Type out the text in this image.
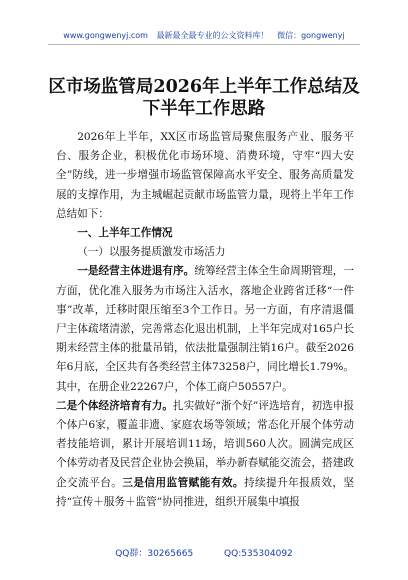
www.gongwenyj.com 最新最全最专业的公文资料库！ 微信：gongwenyj
区市场监管局2026年上半年工作总结及下半年工作思路

2026年上半年，XX区市场监管局聚焦服务产业、服务平台、服务企业，积极优化市场环境、消费环境，守牢“四大安全”防线，进一步增强市场监管保障高水平安全、服务高质量发展的支撑作用，为主城崛起贡献市场监管力量，现将上半年工作总结如下：

一、上半年工作情况

（一）以服务提质激发市场活力

一是经营主体进退有序。统筹经营主体全生命周期管理，一方面，优化准入服务为市场注入活水，落地企业跨省迁移“一件事”改革，迁移时限压缩至3个工作日。另一方面，有序清退僵尸主体疏堵清淤，完善常态化退出机制，上半年完成对165户长期未经营主体的批量吊销，依法批量强制注销16户。截至2026年6月底，全区共有各类经营主体73258户，同比增长1.79%。其中，在册企业22267户，个体工商户50557户。

二是个体经济培育有力。扎实做好“浙个好”评选培育，初选申报个体户6家，覆盖非遗、家庭农场等领域；常态化开展个体劳动者技能培训，累计开展培训11场，培训560人次。圆满完成区个体劳动者及民营企业协会换届，举办新春赋能交流会，搭建政企交流平台。三是信用监管赋能有效。持续提升年报质效，坚持“宣传＋服务＋监管”协同推进，组织开展集中填报

QQ群：30265665	QQ:535304092
